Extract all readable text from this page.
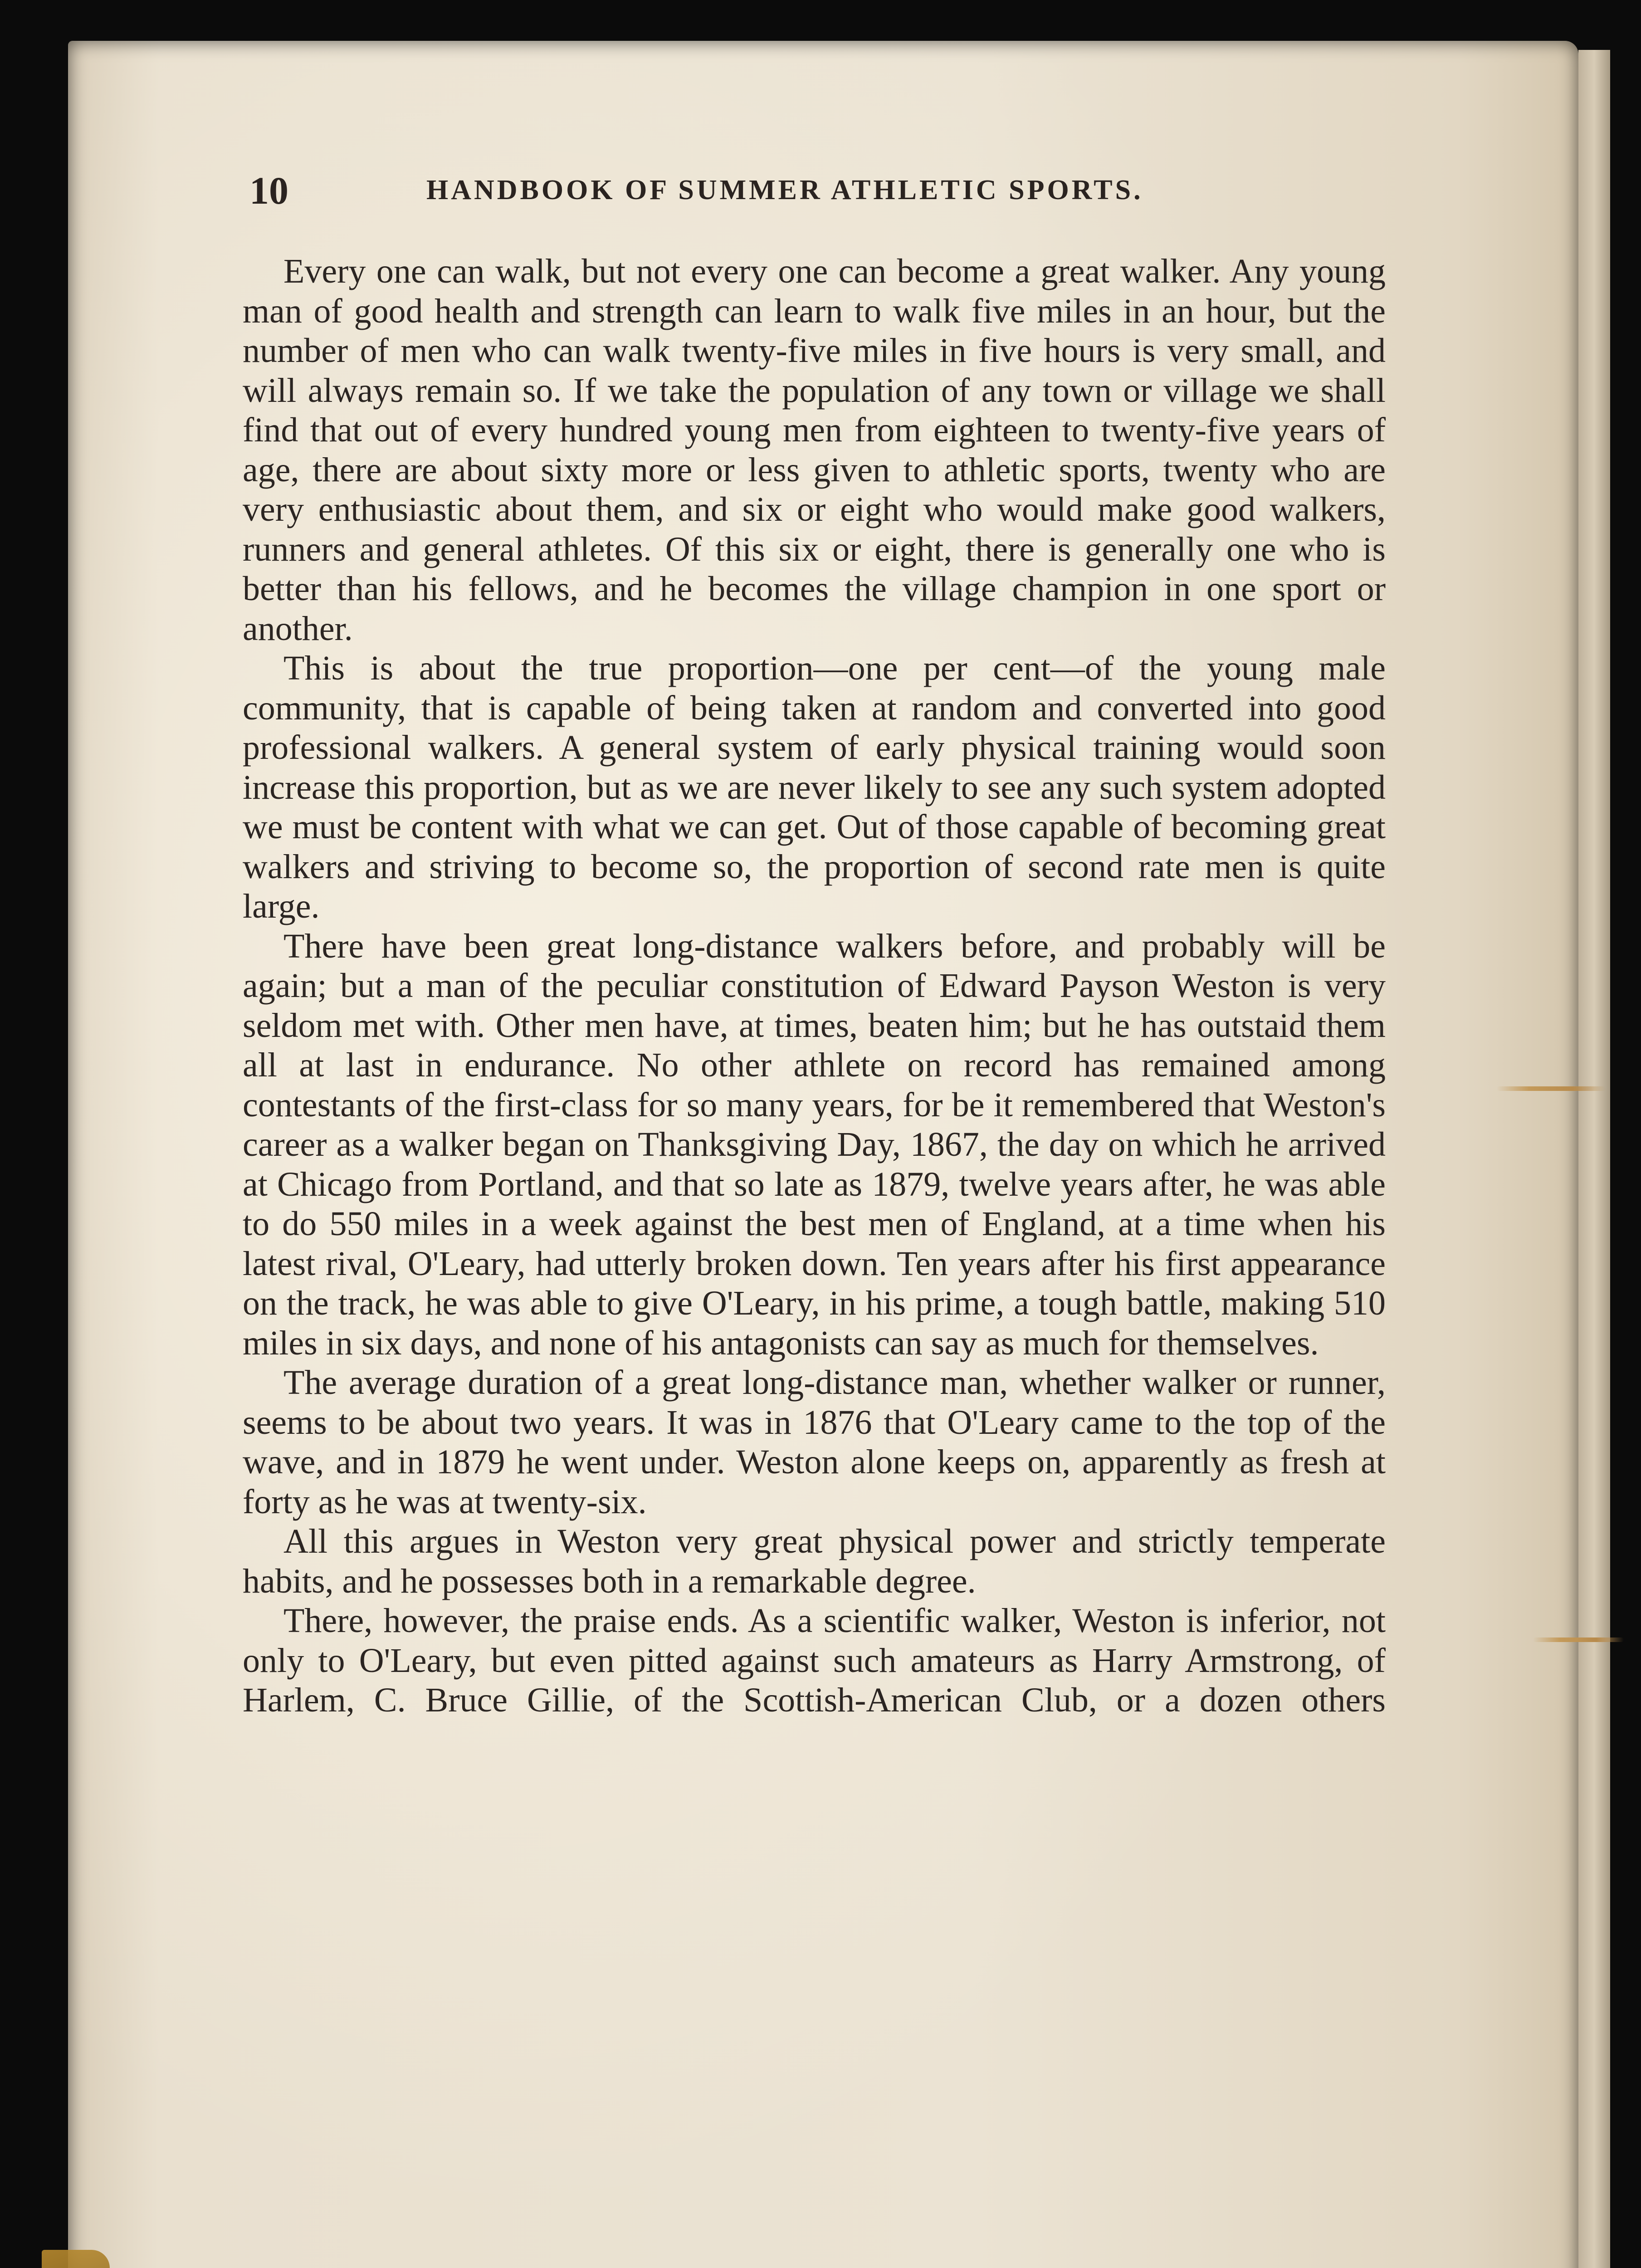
10	HANDBOOK OF SUMMER ATHLETIC SPORTS.

Every one can walk, but not every one can become a great walker. Any young man of good health and strength can learn to walk five miles in an hour, but the number of men who can walk twenty-five miles in five hours is very small, and will always remain so. If we take the population of any town or village we shall find that out of every hundred young men from eighteen to twenty-five years of age, there are about sixty more or less given to athletic sports, twenty who are very enthusiastic about them, and six or eight who would make good walkers, runners and general athletes. Of this six or eight, there is generally one who is better than his fellows, and he becomes the village champion in one sport or another.

This is about the true proportion—one per cent—of the young male community, that is capable of being taken at random and converted into good professional walkers. A general system of early physical training would soon increase this proportion, but as we are never likely to see any such system adopted we must be content with what we can get. Out of those capable of becoming great walkers and striving to become so, the proportion of second rate men is quite large.

There have been great long-distance walkers before, and probably will be again; but a man of the peculiar constitution of Edward Payson Weston is very seldom met with. Other men have, at times, beaten him; but he has outstaid them all at last in endurance. No other athlete on record has remained among contestants of the first-class for so many years, for be it remembered that Weston's career as a walker began on Thanksgiving Day, 1867, the day on which he arrived at Chicago from Portland, and that so late as 1879, twelve years after, he was able to do 550 miles in a week against the best men of England, at a time when his latest rival, O'Leary, had utterly broken down. Ten years after his first appearance on the track, he was able to give O'Leary, in his prime, a tough battle, making 510 miles in six days, and none of his antagonists can say as much for themselves.

The average duration of a great long-distance man, whether walker or runner, seems to be about two years. It was in 1876 that O'Leary came to the top of the wave, and in 1879 he went under. Weston alone keeps on, apparently as fresh at forty as he was at twenty-six.

All this argues in Weston very great physical power and strictly temperate habits, and he possesses both in a remarkable degree.

There, however, the praise ends. As a scientific walker, Weston is inferior, not only to O'Leary, but even pitted against such amateurs as Harry Armstrong, of Harlem, C. Bruce Gillie, of the Scottish-American Club, or a dozen others
